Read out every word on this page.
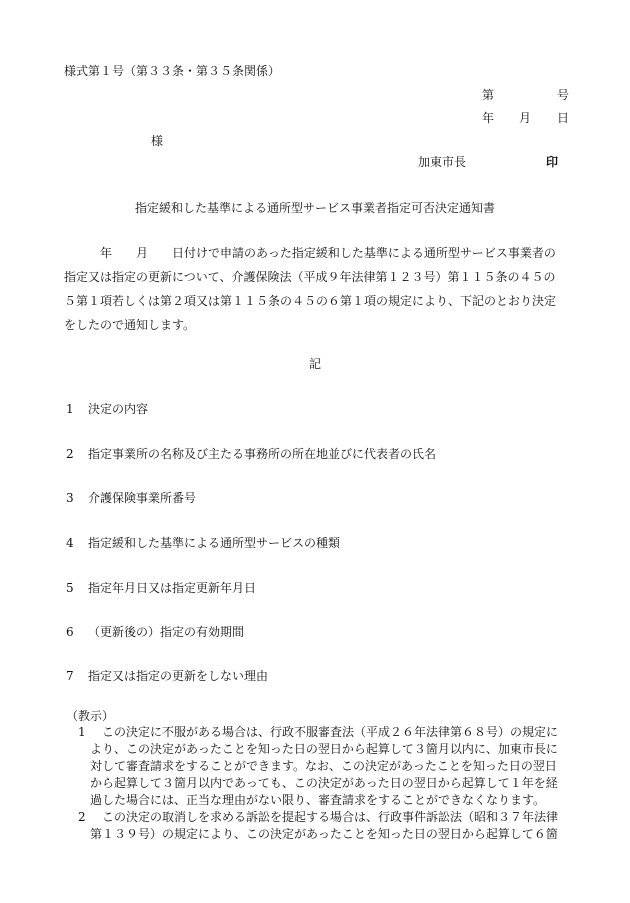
様式第１号（第３３条・第３５条関係）
第	号
年 月 日
様
加東市長	印
指定緩和した基準による通所型サービス事業者指定可否決定通知書
年 月 日付けで申請のあった指定緩和した基準による通所型サービス事業者の
指定又は指定の更新について、介護保険法（平成９年法律第１２３号）第１１５条の４５の
５第１項若しくは第２項又は第１１５条の４５の６第１項の規定により、下記のとおり決定
をしたので通知します。
記
1 決定の内容
2 指定事業所の名称及び主たる事務所の所在地並びに代表者の氏名
3 介護保険事業所番号
4 指定緩和した基準による通所型サービスの種類
5 指定年月日又は指定更新年月日
6 （更新後の）指定の有効期間
7 指定又は指定の更新をしない理由
（教示）
1	この決定に不服がある場合は、行政不服審査法（平成２６年法律第６８号）の規定に
より、この決定があったことを知った日の翌日から起算して３箇月以内に、加東市長に
対して審査請求をすることができます。なお、この決定があったことを知った日の翌日
から起算して３箇月以内であっても、この決定があった日の翌日から起算して１年を経
過した場合には、正当な理由がない限り、審査請求をすることができなくなります。
2	この決定の取消しを求める訴訟を提起する場合は、行政事件訴訟法（昭和３７年法律
第１３９号）の規定により、この決定があったことを知った日の翌日から起算して６箇
